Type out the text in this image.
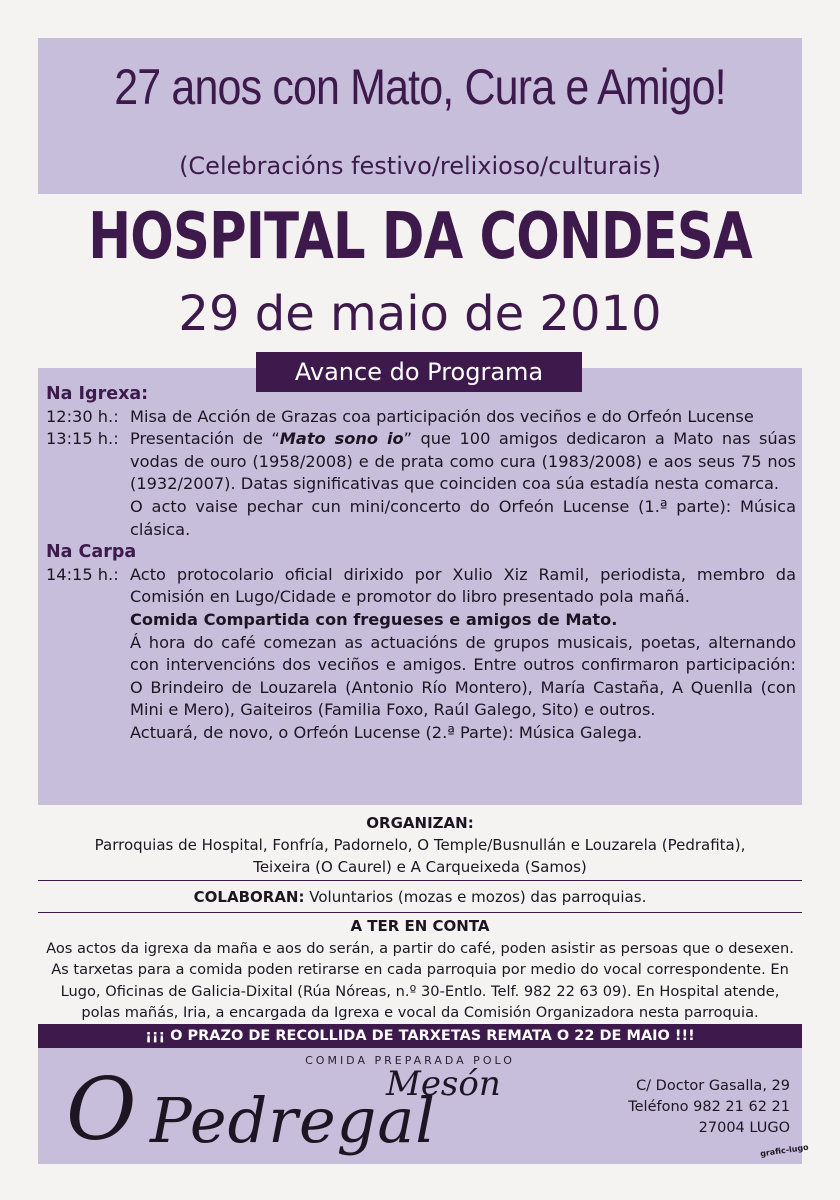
27 anos con Mato, Cura e Amigo!
(Celebracións festivo/relixioso/culturais)
HOSPITAL DA CONDESA
29 de maio de 2010
Avance do Programa
Na Igrexa:
12:30 h.: Misa de Acción de Grazas coa participación dos veciños e do Orfeón Lucense
13:15 h.: Presentación de “Mato sono io” que 100 amigos dedicaron a Mato nas súas vodas de ouro (1958/2008) e de prata como cura (1983/2008) e aos seus 75 nos (1932/2007). Datas significativas que coinciden coa súa estadía nesta comarca.
O acto vaise pechar cun mini/concerto do Orfeón Lucense (1.ª parte): Música clásica.
Na Carpa
14:15 h.: Acto protocolario oficial dirixido por Xulio Xiz Ramil, periodista, membro da Comisión en Lugo/Cidade e promotor do libro presentado pola mañá.
Comida Compartida con fregueses e amigos de Mato.
Á hora do café comezan as actuacións de grupos musicais, poetas, alternando con intervencións dos veciños e amigos. Entre outros confirmaron participación: O Brindeiro de Louzarela (Antonio Río Montero), María Castaña, A Quenlla (con Mini e Mero), Gaiteiros (Familia Foxo, Raúl Galego, Sito) e outros.
Actuará, de novo, o Orfeón Lucense (2.ª Parte): Música Galega.
ORGANIZAN:
Parroquias de Hospital, Fonfría, Padornelo, O Temple/Busnullán e Louzarela (Pedrafita),
Teixeira (O Caurel) e A Carqueixeda (Samos)
COLABORAN: Voluntarios (mozas e mozos) das parroquias.
A TER EN CONTA
Aos actos da igrexa da maña e aos do serán, a partir do café, poden asistir as persoas que o desexen.
As tarxetas para a comida poden retirarse en cada parroquia por medio do vocal correspondente. En
Lugo, Oficinas de Galicia-Dixital (Rúa Nóreas, n.º 30-Entlo. Telf. 982 22 63 09). En Hospital atende,
polas mañás, Iria, a encargada da Igrexa e vocal da Comisión Organizadora nesta parroquia.
¡¡¡ O PRAZO DE RECOLLIDA DE TARXETAS REMATA O 22 DE MAIO !!!
COMIDA PREPARADA POLO
O	Mesón
Pedregal	C/ Doctor Gasalla, 29
Teléfono 982 21 62 21
27004 LUGO
grafic-lugo
